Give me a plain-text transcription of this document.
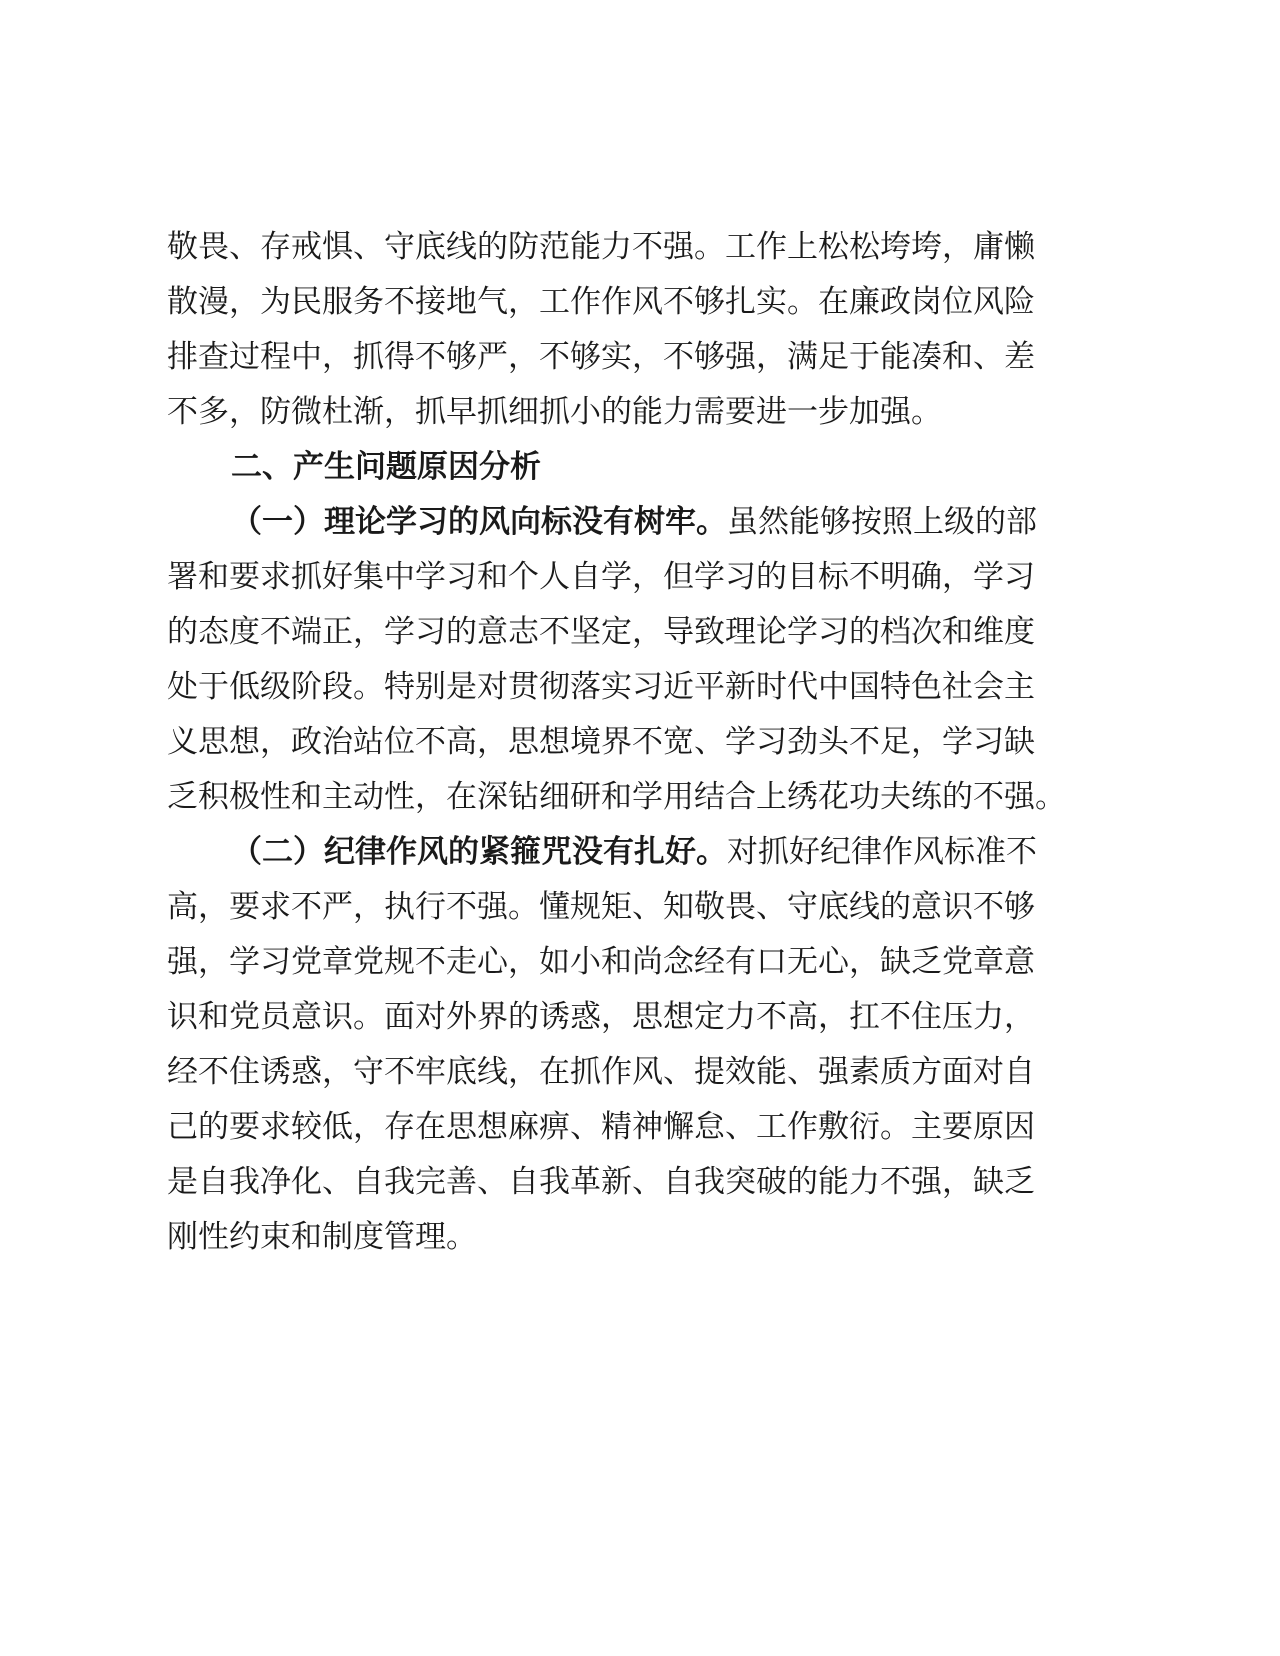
敬畏、存戒惧、守底线的防范能力不强。工作上松松垮垮，庸懒
散漫，为民服务不接地气，工作作风不够扎实。在廉政岗位风险
排查过程中，抓得不够严，不够实，不够强，满足于能凑和、差
不多，防微杜渐，抓早抓细抓小的能力需要进一步加强。
二、产生问题原因分析
（一）理论学习的风向标没有树牢。虽然能够按照上级的部
署和要求抓好集中学习和个人自学，但学习的目标不明确，学习
的态度不端正，学习的意志不坚定，导致理论学习的档次和维度
处于低级阶段。特别是对贯彻落实习近平新时代中国特色社会主
义思想，政治站位不高，思想境界不宽、学习劲头不足，学习缺
乏积极性和主动性，在深钻细研和学用结合上绣花功夫练的不强。
（二）纪律作风的紧箍咒没有扎好。对抓好纪律作风标准不
高，要求不严，执行不强。懂规矩、知敬畏、守底线的意识不够
强，学习党章党规不走心，如小和尚念经有口无心，缺乏党章意
识和党员意识。面对外界的诱惑，思想定力不高，扛不住压力，
经不住诱惑，守不牢底线，在抓作风、提效能、强素质方面对自
己的要求较低，存在思想麻痹、精神懈怠、工作敷衍。主要原因
是自我净化、自我完善、自我革新、自我突破的能力不强，缺乏
刚性约束和制度管理。
